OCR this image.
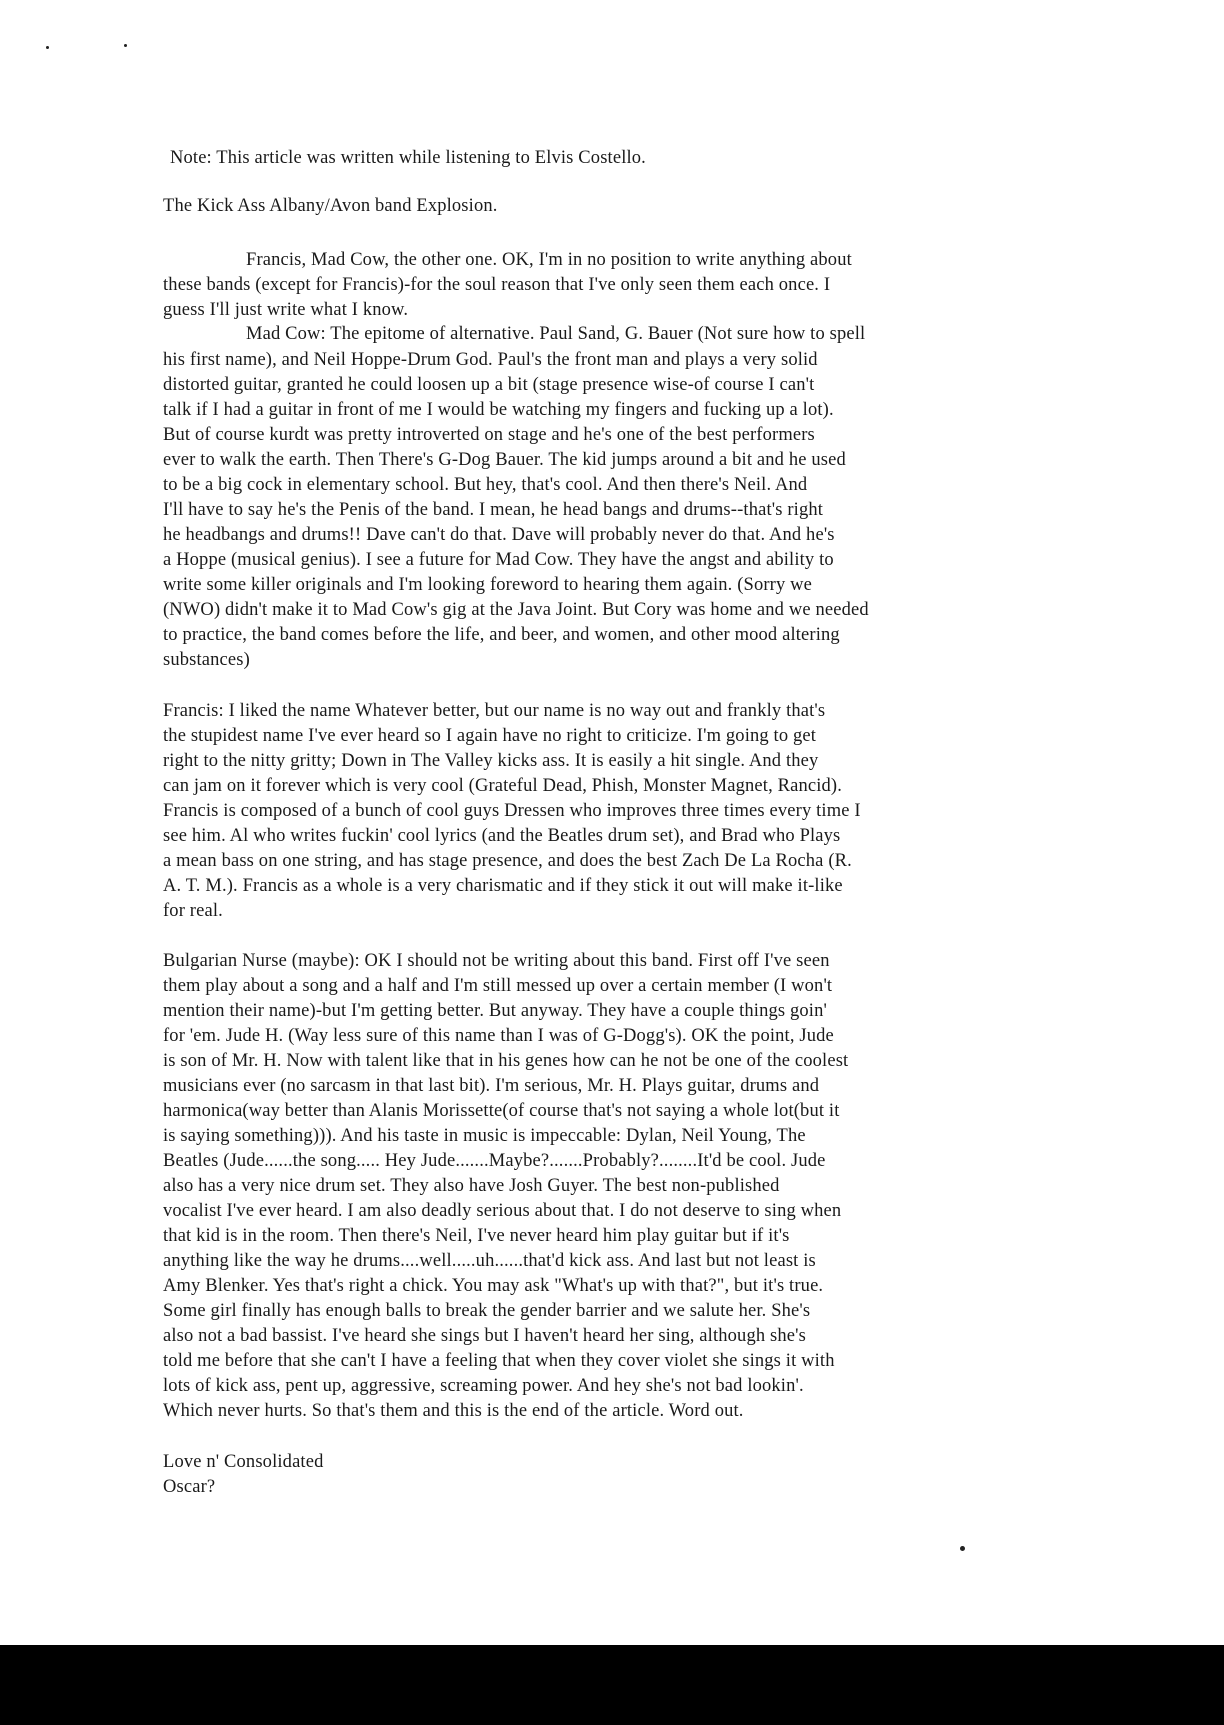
Note: This article was written while listening to Elvis Costello.
The Kick Ass Albany/Avon band Explosion.
Francis, Mad Cow, the other one. OK, I'm in no position to write anything about
these bands (except for Francis)-for the soul reason that I've only seen them each once. I
guess I'll just write what I know.
Mad Cow: The epitome of alternative. Paul Sand, G. Bauer (Not sure how to spell
his first name), and Neil Hoppe-Drum God. Paul's the front man and plays a very solid
distorted guitar, granted he could loosen up a bit (stage presence wise-of course I can't
talk if I had a guitar in front of me I would be watching my fingers and fucking up a lot).
But of course kurdt was pretty introverted on stage and he's one of the best performers
ever to walk the earth. Then There's G-Dog Bauer. The kid jumps around a bit and he used
to be a big cock in elementary school. But hey, that's cool. And then there's Neil. And
I'll have to say he's the Penis of the band. I mean, he head bangs and drums--that's right
he headbangs and drums!! Dave can't do that. Dave will probably never do that. And he's
a Hoppe (musical genius). I see a future for Mad Cow. They have the angst and ability to
write some killer originals and I'm looking foreword to hearing them again. (Sorry we
(NWO) didn't make it to Mad Cow's gig at the Java Joint. But Cory was home and we needed
to practice, the band comes before the life, and beer, and women, and other mood altering
substances)
Francis: I liked the name Whatever better, but our name is no way out and frankly that's
the stupidest name I've ever heard so I again have no right to criticize. I'm going to get
right to the nitty gritty; Down in The Valley kicks ass. It is easily a hit single. And they
can jam on it forever which is very cool (Grateful Dead, Phish, Monster Magnet, Rancid).
Francis is composed of a bunch of cool guys Dressen who improves three times every time I
see him. Al who writes fuckin' cool lyrics (and the Beatles drum set), and Brad who Plays
a mean bass on one string, and has stage presence, and does the best Zach De La Rocha (R.
A. T. M.). Francis as a whole is a very charismatic and if they stick it out will make it-like
for real.
Bulgarian Nurse (maybe): OK I should not be writing about this band. First off I've seen
them play about a song and a half and I'm still messed up over a certain member (I won't
mention their name)-but I'm getting better. But anyway. They have a couple things goin'
for 'em. Jude H. (Way less sure of this name than I was of G-Dogg's). OK the point, Jude
is son of Mr. H. Now with talent like that in his genes how can he not be one of the coolest
musicians ever (no sarcasm in that last bit). I'm serious, Mr. H. Plays guitar, drums and
harmonica(way better than Alanis Morissette(of course that's not saying a whole lot(but it
is saying something))). And his taste in music is impeccable: Dylan, Neil Young, The
Beatles (Jude......the song..... Hey Jude.......Maybe?.......Probably?........It'd be cool. Jude
also has a very nice drum set. They also have Josh Guyer. The best non-published
vocalist I've ever heard. I am also deadly serious about that. I do not deserve to sing when
that kid is in the room. Then there's Neil, I've never heard him play guitar but if it's
anything like the way he drums....well.....uh......that'd kick ass. And last but not least is
Amy Blenker. Yes that's right a chick. You may ask "What's up with that?", but it's true.
Some girl finally has enough balls to break the gender barrier and we salute her. She's
also not a bad bassist. I've heard she sings but I haven't heard her sing, although she's
told me before that she can't I have a feeling that when they cover violet she sings it with
lots of kick ass, pent up, aggressive, screaming power. And hey she's not bad lookin'.
Which never hurts. So that's them and this is the end of the article. Word out.
Love n' Consolidated
Oscar?
